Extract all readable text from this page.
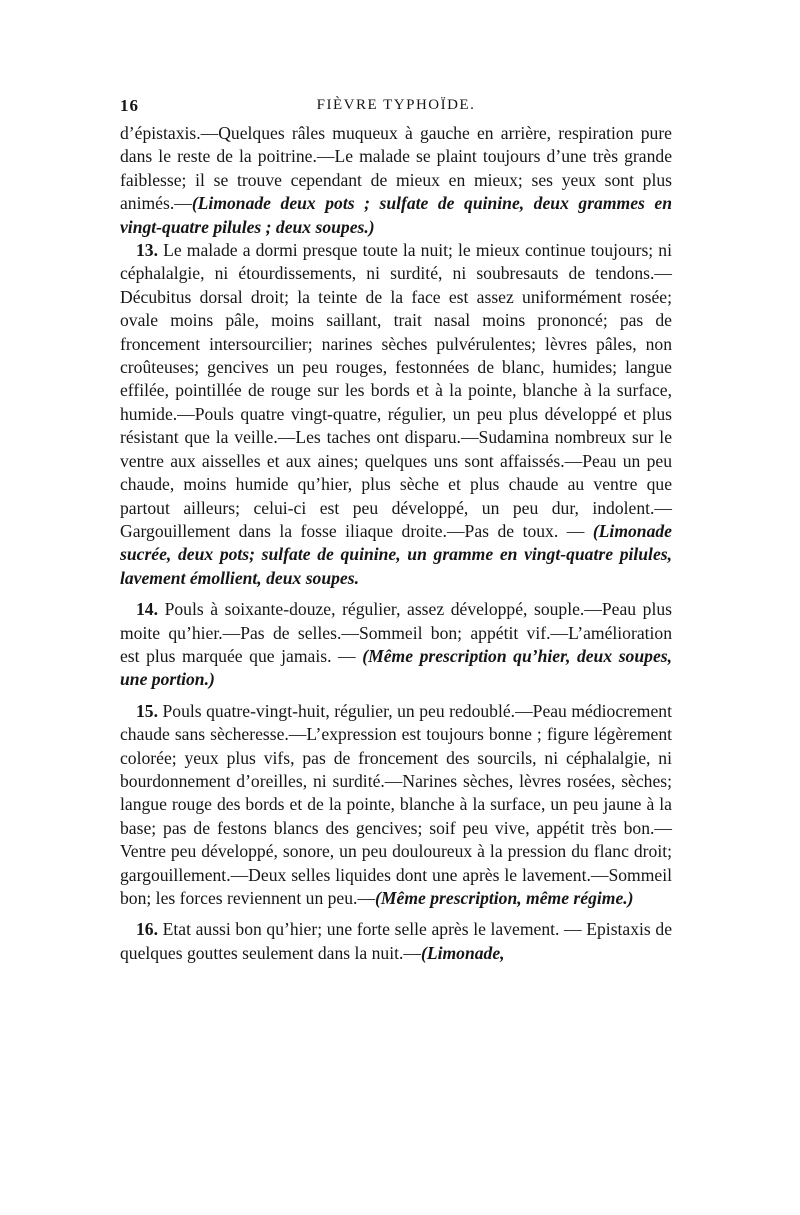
16	FIÈVRE TYPHOÏDE.

d’épistaxis.—Quelques râles muqueux à gauche en arrière, respiration pure dans le reste de la poitrine.—Le malade se plaint toujours d’une très grande faiblesse; il se trouve cependant de mieux en mieux; ses yeux sont plus animés.—(Limonade deux pots ; sulfate de quinine, deux grammes en vingt-quatre pilules ; deux soupes.)

13. Le malade a dormi presque toute la nuit; le mieux continue toujours; ni céphalalgie, ni étourdissements, ni surdité, ni soubresauts de tendons.—Décubitus dorsal droit; la teinte de la face est assez uniformément rosée; ovale moins pâle, moins saillant, trait nasal moins prononcé; pas de froncement intersourcilier; narines sèches pulvérulentes; lèvres pâles, non croûteuses; gencives un peu rouges, festonnées de blanc, humides; langue effilée, pointillée de rouge sur les bords et à la pointe, blanche à la surface, humide.—Pouls quatre vingt-quatre, régulier, un peu plus développé et plus résistant que la veille.—Les taches ont disparu.—Sudamina nombreux sur le ventre aux aisselles et aux aines; quelques uns sont affaissés.—Peau un peu chaude, moins humide qu’hier, plus sèche et plus chaude au ventre que partout ailleurs; celui-ci est peu développé, un peu dur, indolent.—Gargouillement dans la fosse iliaque droite.—Pas de toux. — (Limonade sucrée, deux pots; sulfate de quinine, un gramme en vingt-quatre pilules, lavement émollient, deux soupes.

14. Pouls à soixante-douze, régulier, assez développé, souple.—Peau plus moite qu’hier.—Pas de selles.—Sommeil bon; appétit vif.—L’amélioration est plus marquée que jamais. — (Même prescription qu’hier, deux soupes, une portion.)

15. Pouls quatre-vingt-huit, régulier, un peu redoublé.—Peau médiocrement chaude sans sècheresse.—L’expression est toujours bonne ; figure légèrement colorée; yeux plus vifs, pas de froncement des sourcils, ni céphalalgie, ni bourdonnement d’oreilles, ni surdité.—Narines sèches, lèvres rosées, sèches; langue rouge des bords et de la pointe, blanche à la surface, un peu jaune à la base; pas de festons blancs des gencives; soif peu vive, appétit très bon.—Ventre peu développé, sonore, un peu douloureux à la pression du flanc droit; gargouillement.—Deux selles liquides dont une après le lavement.—Sommeil bon; les forces reviennent un peu.—(Même prescription, même régime.)

16. Etat aussi bon qu’hier; une forte selle après le lavement. — Epistaxis de quelques gouttes seulement dans la nuit.—(Limonade,
